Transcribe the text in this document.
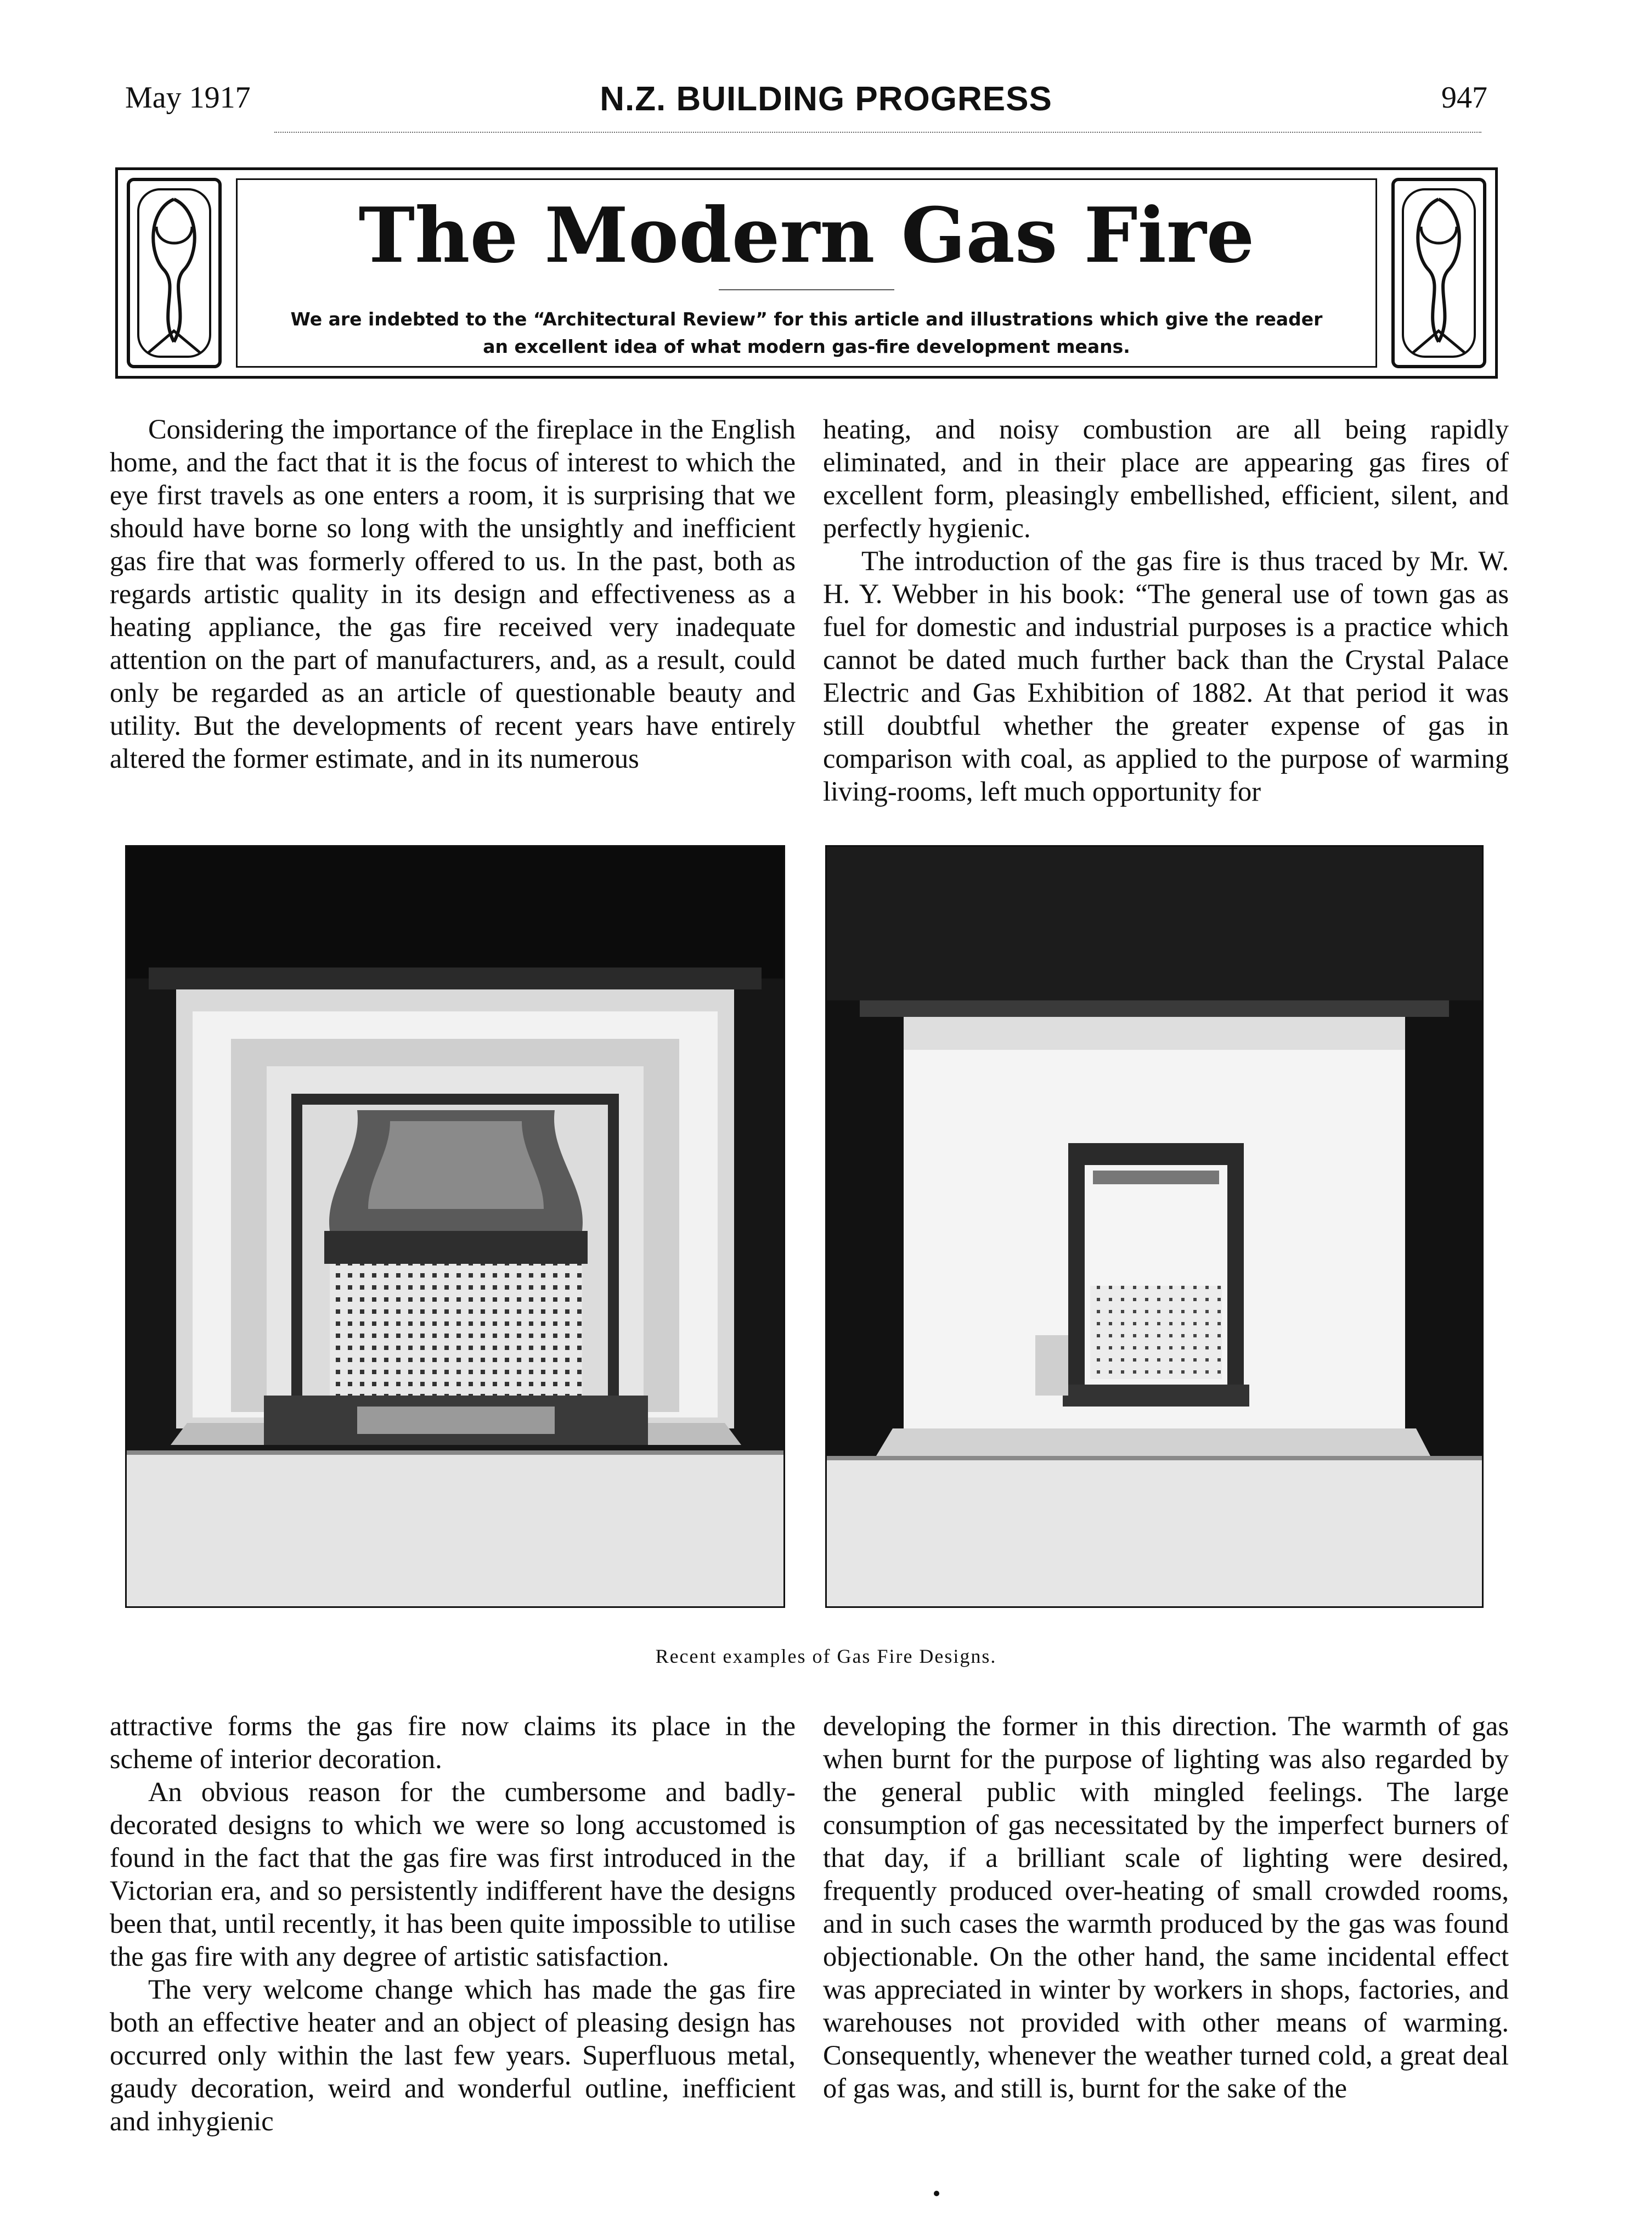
May 1917	N.Z. BUILDING PROGRESS	947
The Modern Gas Fire
We are indebted to the “Architectural Review” for this article and illustrations which give the reader an excellent idea of what modern gas-fire development means.

Considering the importance of the fireplace in the English home, and the fact that it is the focus of interest to which the eye first travels as one enters a room, it is surprising that we should have borne so long with the unsightly and inefficient gas fire that was formerly offered to us. In the past, both as regards artistic quality in its design and effectiveness as a heating appliance, the gas fire received very inadequate attention on the part of manufacturers, and, as a result, could only be regarded as an article of questionable beauty and utility. But the developments of recent years have entirely altered the former estimate, and in its numerous

heating, and noisy combustion are all being rapidly eliminated, and in their place are appearing gas fires of excellent form, pleasingly embellished, efficient, silent, and perfectly hygienic.

The introduction of the gas fire is thus traced by Mr. W. H. Y. Webber in his book: “The general use of town gas as fuel for domestic and industrial purposes is a practice which cannot be dated much further back than the Crystal Palace Electric and Gas Exhibition of 1882. At that period it was still doubtful whether the greater expense of gas in comparison with coal, as applied to the purpose of warming living-rooms, left much opportunity for

Recent examples of Gas Fire Designs.

attractive forms the gas fire now claims its place in the scheme of interior decoration.

An obvious reason for the cumbersome and badly-decorated designs to which we were so long accustomed is found in the fact that the gas fire was first introduced in the Victorian era, and so persistently indifferent have the designs been that, until recently, it has been quite impossible to utilise the gas fire with any degree of artistic satisfaction.

The very welcome change which has made the gas fire both an effective heater and an object of pleasing design has occurred only within the last few years. Superfluous metal, gaudy decoration, weird and wonderful outline, inefficient and inhygienic

developing the former in this direction. The warmth of gas when burnt for the purpose of lighting was also regarded by the general public with mingled feelings. The large consumption of gas necessitated by the imperfect burners of that day, if a brilliant scale of lighting were desired, frequently produced over-heating of small crowded rooms, and in such cases the warmth produced by the gas was found objectionable. On the other hand, the same incidental effect was appreciated in winter by workers in shops, factories, and warehouses not provided with other means of warming. Consequently, whenever the weather turned cold, a great deal of gas was, and still is, burnt for the sake of the
